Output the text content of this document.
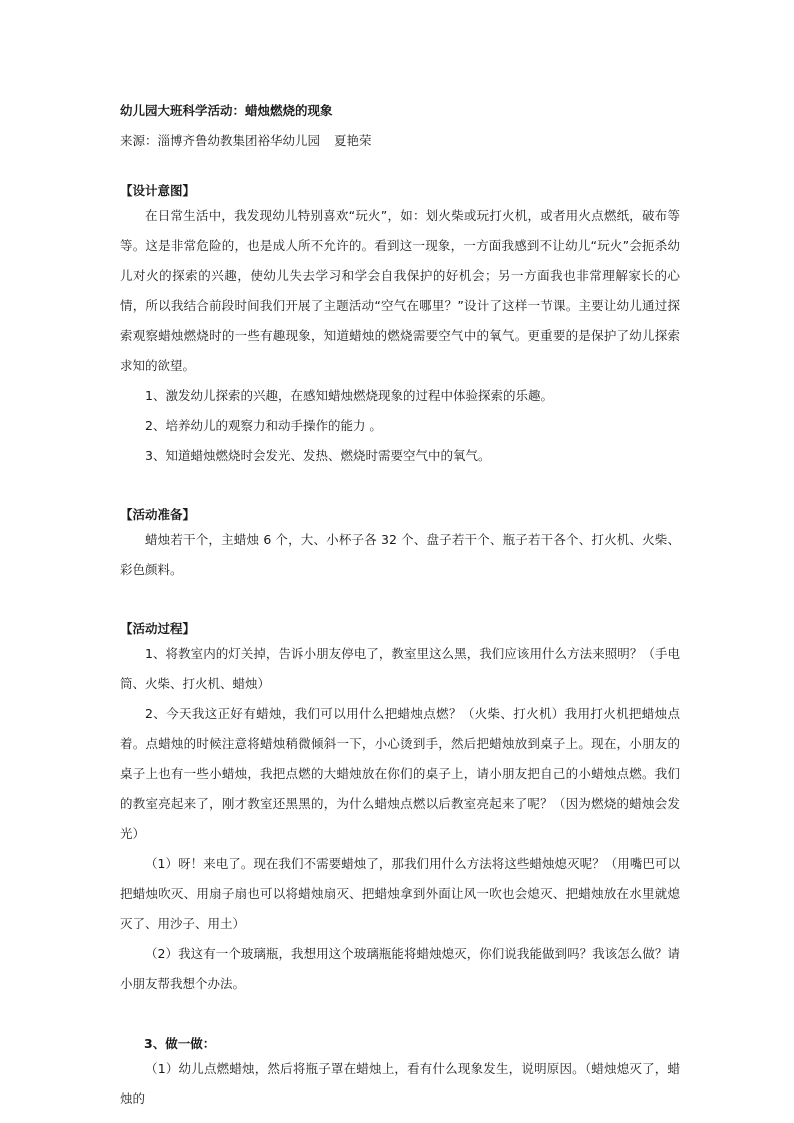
幼儿园大班科学活动：蜡烛燃烧的现象
来源：淄博齐鲁幼教集团裕华幼儿园 夏艳荣
【设计意图】

在日常生活中，我发现幼儿特别喜欢“玩火”，如：划火柴或玩打火机，或者用火点燃纸，破布等等。这是非常危险的，也是成人所不允许的。看到这一现象，一方面我感到不让幼儿“玩火”会扼杀幼儿对火的探索的兴趣，使幼儿失去学习和学会自我保护的好机会；另一方面我也非常理解家长的心情，所以我结合前段时间我们开展了主题活动“空气在哪里？”设计了这样一节课。主要让幼儿通过探索观察蜡烛燃烧时的一些有趣现象，知道蜡烛的燃烧需要空气中的氧气。更重要的是保护了幼儿探索求知的欲望。

1、激发幼儿探索的兴趣，在感知蜡烛燃烧现象的过程中体验探索的乐趣。

2、培养幼儿的观察力和动手操作的能力 。

3、知道蜡烛燃烧时会发光、发热、燃烧时需要空气中的氧气。

【活动准备】

蜡烛若干个，主蜡烛 6 个，大、小杯子各 32 个、盘子若干个、瓶子若干各个、打火机、火柴、彩色颜料。

【活动过程】

1、将教室内的灯关掉，告诉小朋友停电了，教室里这么黑，我们应该用什么方法来照明？（手电筒、火柴、打火机、蜡烛）

2、今天我这正好有蜡烛，我们可以用什么把蜡烛点燃？（火柴、打火机）我用打火机把蜡烛点着。点蜡烛的时候注意将蜡烛稍微倾斜一下，小心烫到手，然后把蜡烛放到桌子上。现在，小朋友的桌子上也有一些小蜡烛，我把点燃的大蜡烛放在你们的桌子上，请小朋友把自己的小蜡烛点燃。我们的教室亮起来了，刚才教室还黑黑的，为什么蜡烛点燃以后教室亮起来了呢？（因为燃烧的蜡烛会发光）

（1）呀！来电了。现在我们不需要蜡烛了，那我们用什么方法将这些蜡烛熄灭呢？（用嘴巴可以把蜡烛吹灭、用扇子扇也可以将蜡烛扇灭、把蜡烛拿到外面让风一吹也会熄灭、把蜡烛放在水里就熄灭了、用沙子、用土）

（2）我这有一个玻璃瓶，我想用这个玻璃瓶能将蜡烛熄灭，你们说我能做到吗？我该怎么做？请小朋友帮我想个办法。

3、做一做：

（1）幼儿点燃蜡烛，然后将瓶子罩在蜡烛上，看有什么现象发生，说明原因。（蜡烛熄灭了，蜡烛的
